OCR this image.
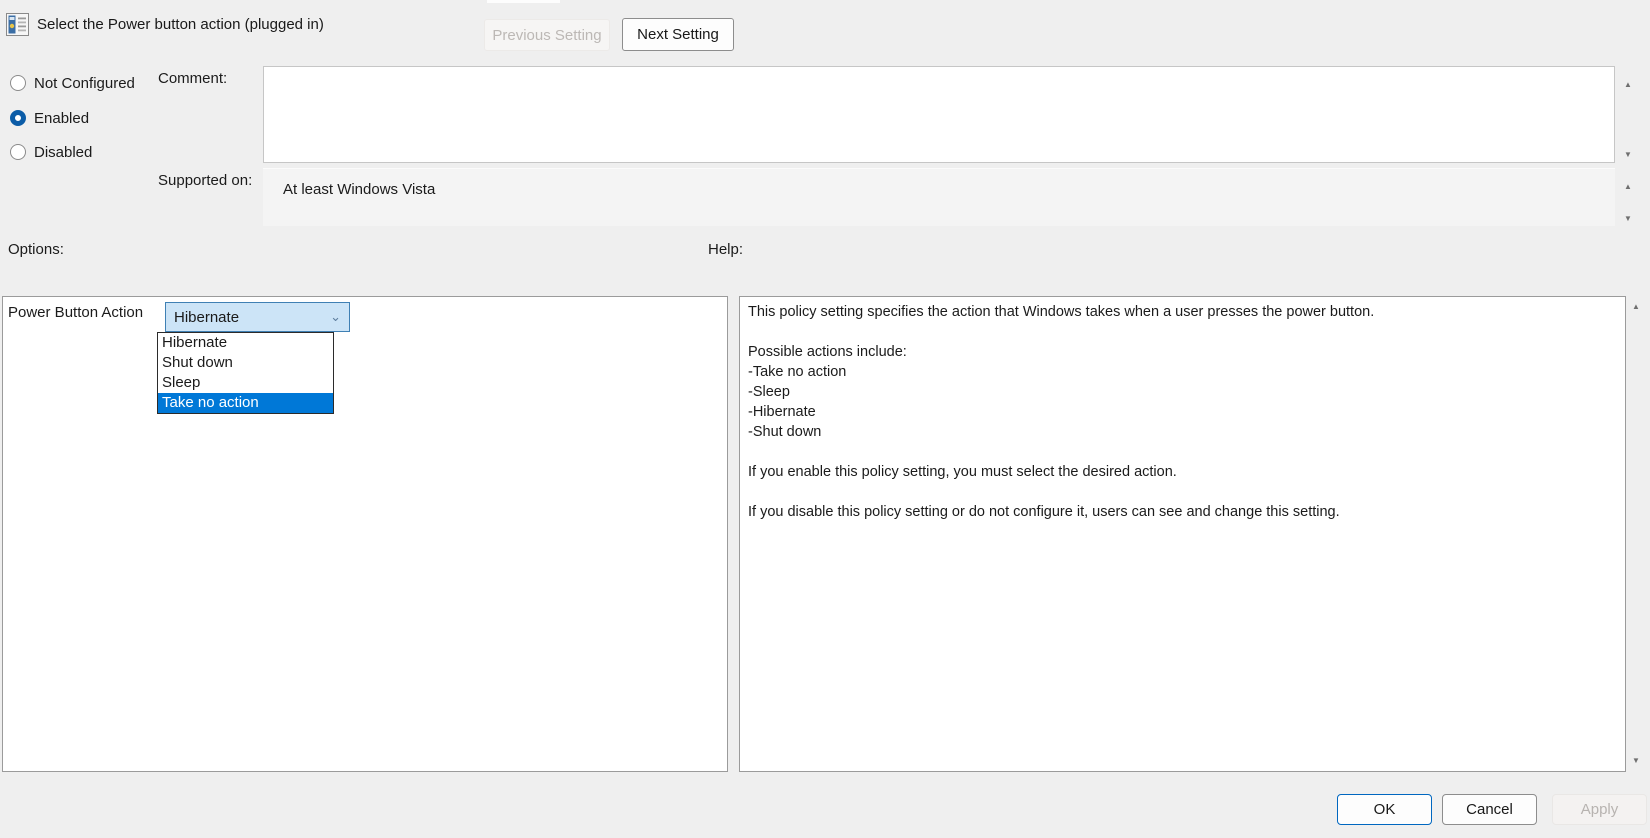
Select the Power button action (plugged in)
Previous Setting	Next Setting
Not Configured
Enabled
Disabled
Comment:
▲
▼
Supported on:
At least Windows Vista
▲
▼
Options:	Help:
Power Button Action Hibernate
⌄
Hibernate
Shut down
Sleep
Take no action
This policy setting specifies the action that Windows takes when a user presses the power button.
Possible actions include:
-Take no action
-Sleep
-Hibernate
-Shut down
If you enable this policy setting, you must select the desired action.
If you disable this policy setting or do not configure it, users can see and change this setting.
▲
▼
OK	Cancel	Apply
